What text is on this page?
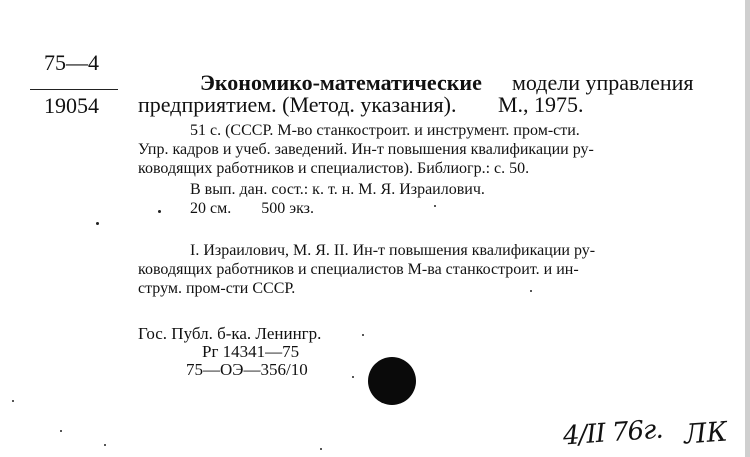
75—4
19054
Экономико-математические модели управления
предприятием. (Метод. указания). М., 1975.
51 с. (СССР. М-во станкостроит. и инструмент. пром-сти.
Упр. кадров и учеб. заведений. Ин-т повышения квалификации ру-
ководящих работников и специалистов). Библиогр.: с. 50.
В вып. дан. сост.: к. т. н. М. Я. Израилович.
20 см. 500 экз.
I. Израилович, М. Я. II. Ин-т повышения квалификации ру-
ководящих работников и специалистов М-ва станкостроит. и ин-
струм. пром-сти СССР.
Гос. Публ. б-ка. Ленингр.
Рг 14341—75
75—ОЭ—356/10
4/II 76г. ЛК
